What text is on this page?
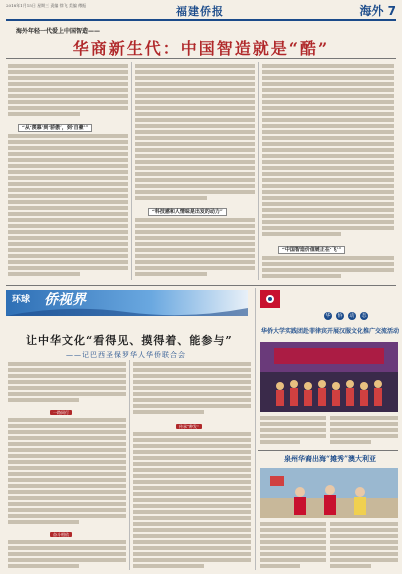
2018年1月15日 星期三 责编 徐飞 美编 傅振	福建侨报	海外 7
海外年轻一代爱上中国智造——
华商新生代：中国智造就是“酷”
“从‘羡慕’到‘骄傲’，到‘自豪’”
“科技感和人情味是出发的动力”
“中国智造价值链正在‘飞’”
环球 侨视界
让中华文化“看得见、摸得着、能参与”
——记巴西圣保罗华人华侨联合会
一路同行
奋斗相依
传承“种发”
华	侨	动	态
华侨大学实践团赴菲律宾开展汉服文化推广交流活动
泉州华裔出海“摊秀”澳大利亚
